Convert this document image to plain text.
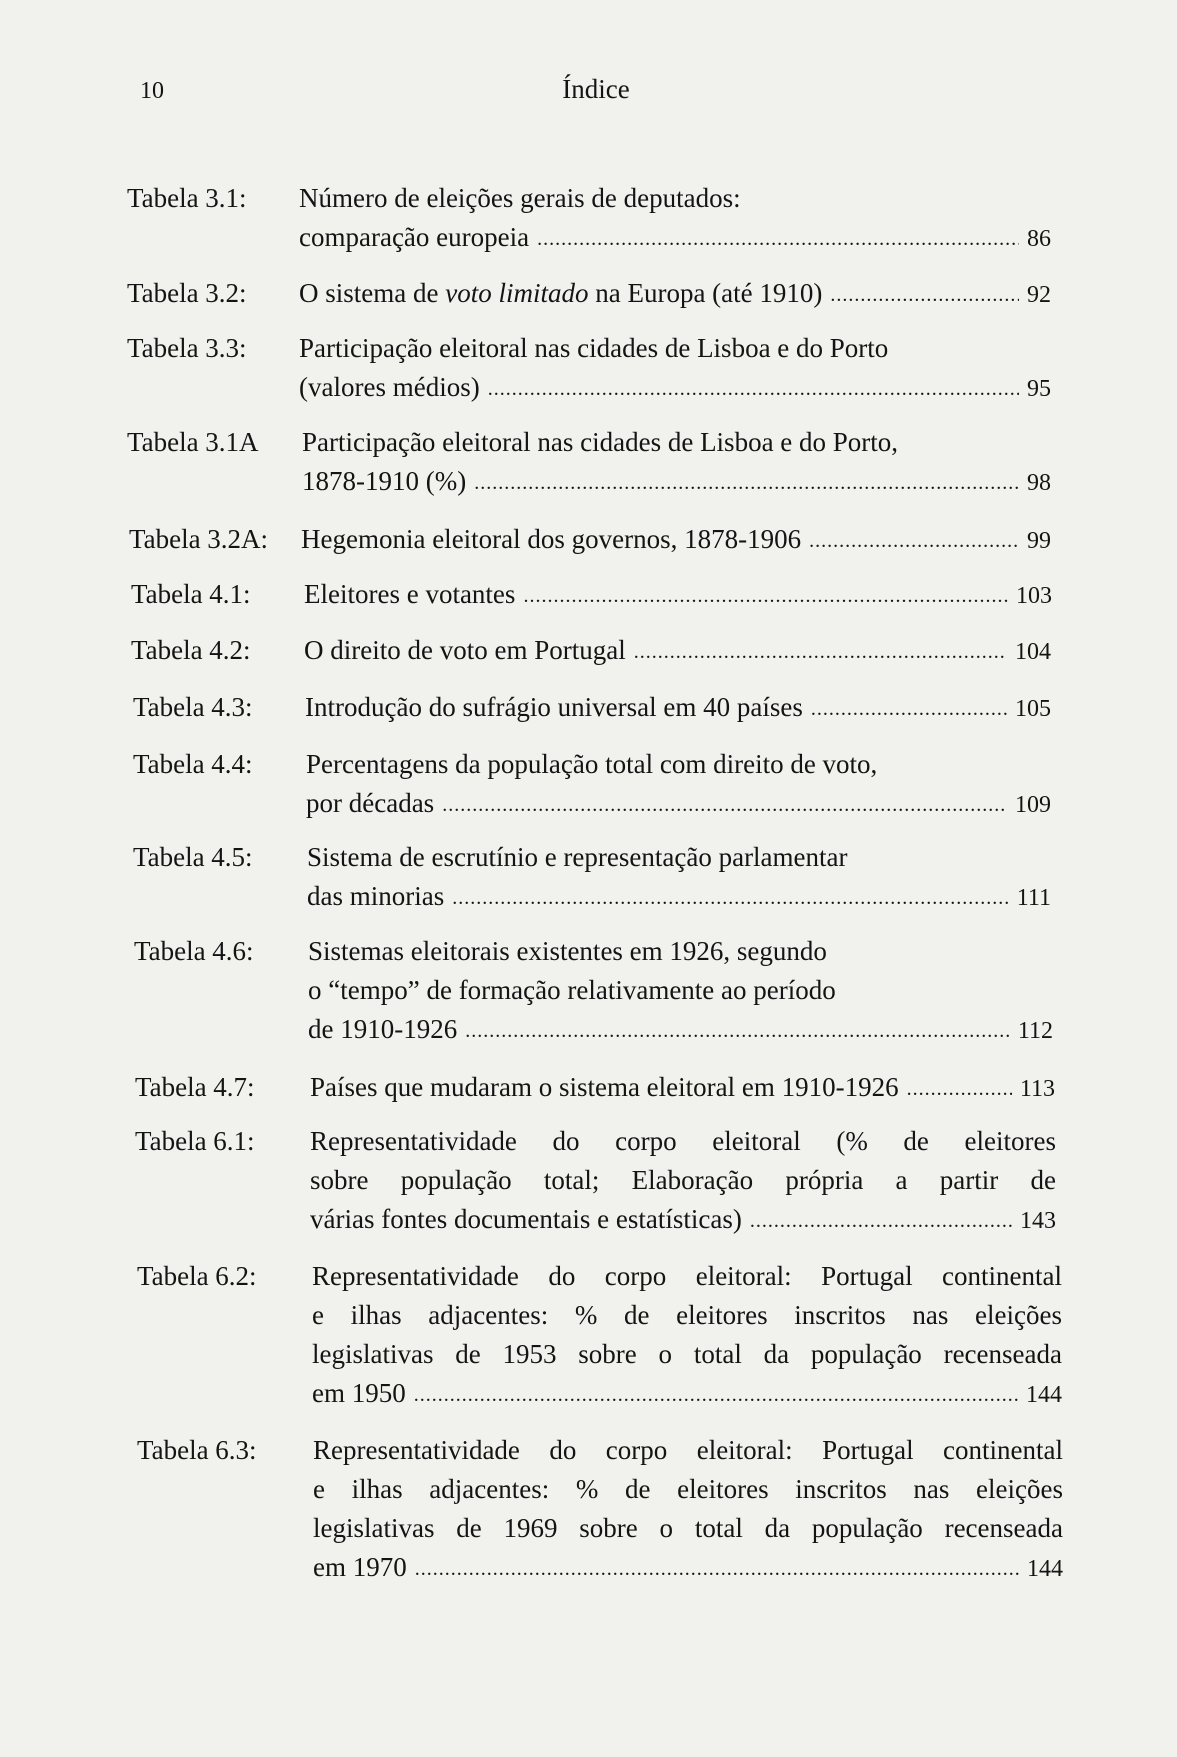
10	Índice
Tabela 3.1: Número de eleições gerais de deputados:
comparação europeia .....	86
Tabela 3.2: O sistema de voto limitado na Europa (até 1910) .....	92
Tabela 3.3: Participação eleitoral nas cidades de Lisboa e do Porto
(valores médios) .....	95
Tabela 3.1A Participação eleitoral nas cidades de Lisboa e do Porto,
1878-1910 (%) .....	98
Tabela 3.2A: Hegemonia eleitoral dos governos, 1878-1906 .....	99
Tabela 4.1: Eleitores e votantes .....	103
Tabela 4.2: O direito de voto em Portugal .....	104
Tabela 4.3: Introdução do sufrágio universal em 40 países .....	105
Tabela 4.4: Percentagens da população total com direito de voto,
por décadas .....	109
Tabela 4.5: Sistema de escrutínio e representação parlamentar
das minorias .....	111
Tabela 4.6: Sistemas eleitorais existentes em 1926, segundo
o “tempo” de formação relativamente ao período
de 1910-1926 .....	112
Tabela 4.7: Países que mudaram o sistema eleitoral em 1910-1926 .....	113
Tabela 6.1: Representatividade do corpo eleitoral (% de eleitores
sobre população total; Elaboração própria a partir de
várias fontes documentais e estatísticas) .....	143
Tabela 6.2: Representatividade do corpo eleitoral: Portugal continental
e ilhas adjacentes: % de eleitores inscritos nas eleições
legislativas de 1953 sobre o total da população recenseada
em 1950 .....	144
Tabela 6.3: Representatividade do corpo eleitoral: Portugal continental
e ilhas adjacentes: % de eleitores inscritos nas eleições
legislativas de 1969 sobre o total da população recenseada
em 1970 .....	144
